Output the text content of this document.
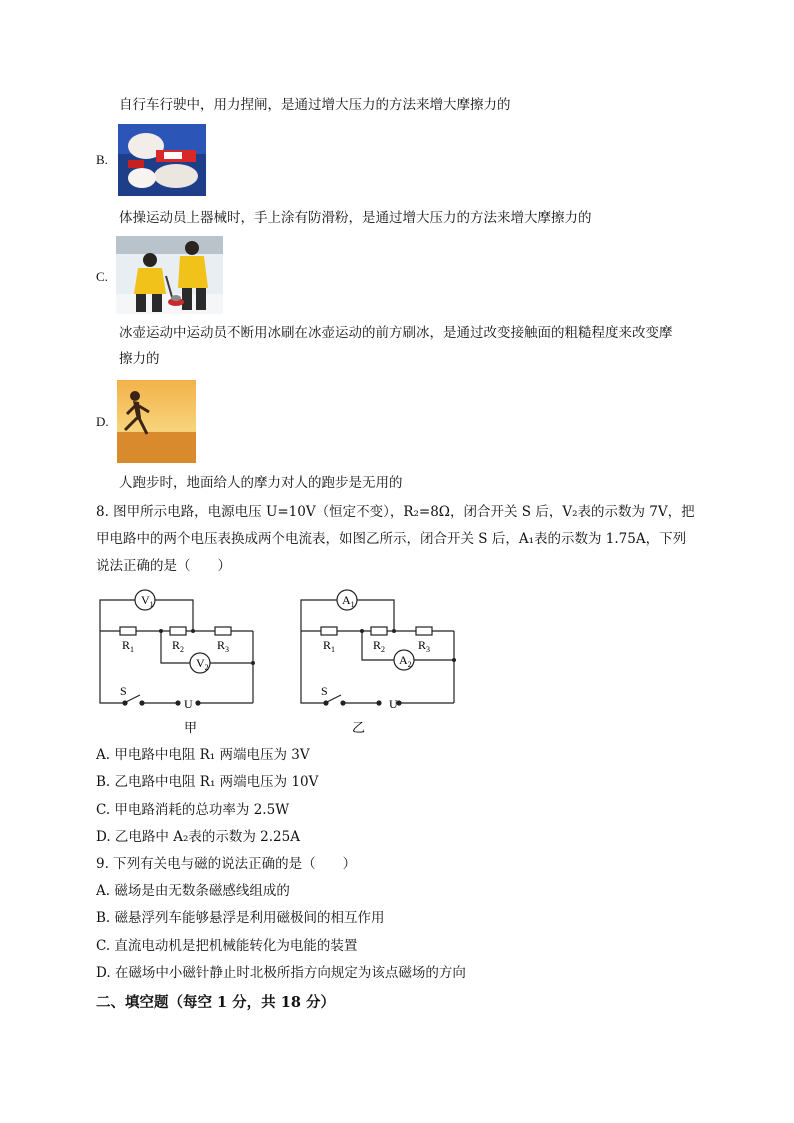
自行车行驶中，用力捏闸，是通过增大压力的方法来增大摩擦力的
B.
体操运动员上器械时，手上涂有防滑粉，是通过增大压力的方法来增大摩擦力的
C.
冰壶运动中运动员不断用冰刷在冰壶运动的前方刷冰，是通过改变接触面的粗糙程度来改变摩
擦力的
D.
人跑步时，地面给人的摩力对人的跑步是无用的
8. 图甲所示电路，电源电压 U=10V（恒定不变），R₂=8Ω，闭合开关 S 后，V₂表的示数为 7V，把
甲电路中的两个电压表换成两个电流表，如图乙所示，闭合开关 S 后，A₁表的示数为 1.75A，下列
说法正确的是（　　）
$V_1$
$V_2$
$R_1$	$R_2$	$R_3$
S
U
甲
$A_1$
$A_2$
$R_1$	$R_2$	$R_3$
S
U
乙
A. 甲电路中电阻 R₁ 两端电压为 3V
B. 乙电路中电阻 R₁ 两端电压为 10V
C. 甲电路消耗的总功率为 2.5W
D. 乙电路中 A₂表的示数为 2.25A
9. 下列有关电与磁的说法正确的是（　　）
A. 磁场是由无数条磁感线组成的
B. 磁悬浮列车能够悬浮是利用磁极间的相互作用
C. 直流电动机是把机械能转化为电能的装置
D. 在磁场中小磁针静止时北极所指方向规定为该点磁场的方向
二、填空题（每空 1 分，共 18 分）
